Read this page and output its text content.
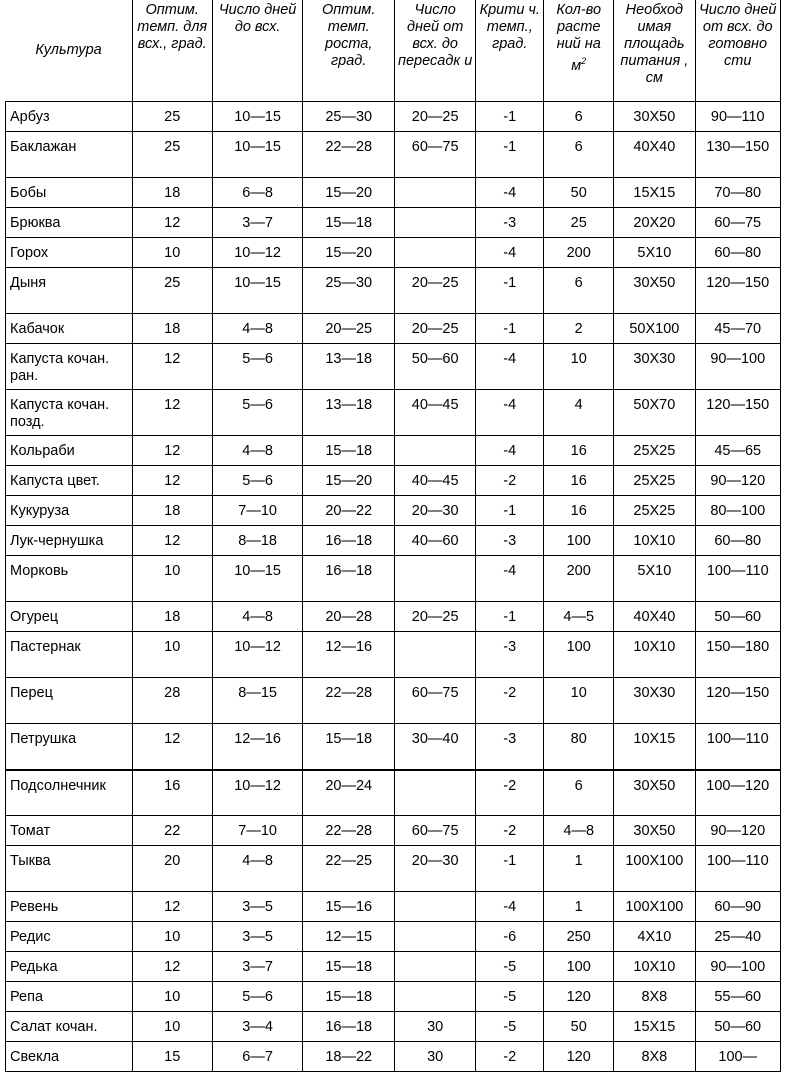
Культура	Оптим. темп. для всх., град.	Число дней до всх.	Оптим. темп. роста, град.	Число дней от всх. до пересадк и	Крити ч. темп., град.	Кол-во расте ний на $м^2$	Необход имая площадь питания , см	Число дней от всх. до готовно сти
Арбуз	25	10—15	25—30	20—25	-1	6	30Х50	90—110
Баклажан	25	10—15	22—28	60—75	-1	6	40Х40	130—150
Бобы	18	6—8	15—20		-4	50	15Х15	70—80
Брюква	12	3—7	15—18		-3	25	20Х20	60—75
Горох	10	10—12	15—20		-4	200	5Х10	60—80
Дыня	25	10—15	25—30	20—25	-1	6	30Х50	120—150
Кабачок	18	4—8	20—25	20—25	-1	2	50Х100	45—70
Капуста кочан. ран.	12	5—6	13—18	50—60	-4	10	30Х30	90—100
Капуста кочан. позд.	12	5—6	13—18	40—45	-4	4	50Х70	120—150
Кольраби	12	4—8	15—18		-4	16	25Х25	45—65
Капуста цвет.	12	5—6	15—20	40—45	-2	16	25Х25	90—120
Кукуруза	18	7—10	20—22	20—30	-1	16	25Х25	80—100
Лук-чернушка	12	8—18	16—18	40—60	-3	100	10Х10	60—80
Морковь	10	10—15	16—18		-4	200	5Х10	100—110
Огурец	18	4—8	20—28	20—25	-1	4—5	40Х40	50—60
Пастернак	10	10—12	12—16		-3	100	10Х10	150—180
Перец	28	8—15	22—28	60—75	-2	10	30Х30	120—150
Петрушка	12	12—16	15—18	30—40	-3	80	10Х15	100—110
Подсолнечник	16	10—12	20—24		-2	6	30Х50	100—120
Томат	22	7—10	22—28	60—75	-2	4—8	30Х50	90—120
Тыква	20	4—8	22—25	20—30	-1	1	100Х100	100—110
Ревень	12	3—5	15—16		-4	1	100Х100	60—90
Редис	10	3—5	12—15		-6	250	4Х10	25—40
Редька	12	3—7	15—18		-5	100	10Х10	90—100
Репа	10	5—6	15—18		-5	120	8Х8	55—60
Салат кочан.	10	3—4	16—18	30	-5	50	15Х15	50—60
Свекла	15	6—7	18—22	30	-2	120	8Х8	100—
